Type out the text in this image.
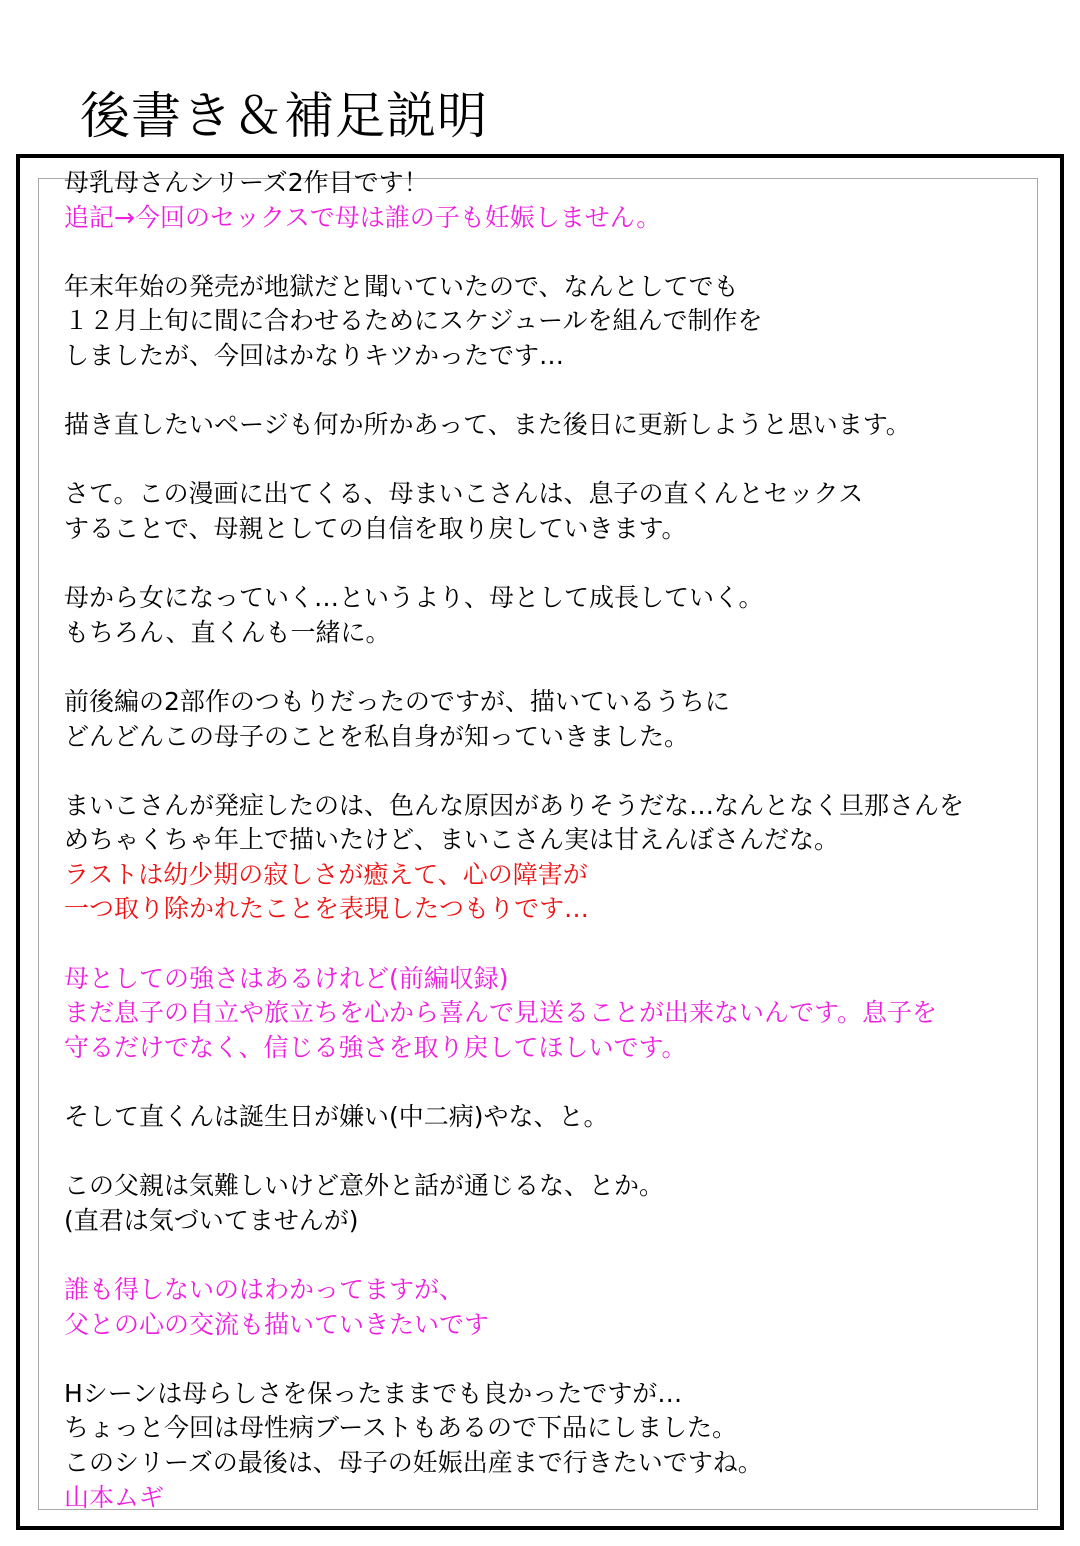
後書き＆補足説明
母乳母さんシリーズ2作目です！
追記→今回のセックスで母は誰の子も妊娠しません。

年末年始の発売が地獄だと聞いていたので、なんとしてでも
１２月上旬に間に合わせるためにスケジュールを組んで制作を
しましたが、今回はかなりキツかったです…

描き直したいページも何か所かあって、また後日に更新しようと思います。

さて。この漫画に出てくる、母まいこさんは、息子の直くんとセックス
することで、母親としての自信を取り戻していきます。

母から女になっていく…というより、母として成長していく。
もちろん、直くんも一緒に。

前後編の2部作のつもりだったのですが、描いているうちに
どんどんこの母子のことを私自身が知っていきました。

まいこさんが発症したのは、色んな原因がありそうだな…なんとなく旦那さんを
めちゃくちゃ年上で描いたけど、まいこさん実は甘えんぼさんだな。
ラストは幼少期の寂しさが癒えて、心の障害が
一つ取り除かれたことを表現したつもりです…

母としての強さはあるけれど(前編収録)
まだ息子の自立や旅立ちを心から喜んで見送ることが出来ないんです。息子を
守るだけでなく、信じる強さを取り戻してほしいです。

そして直くんは誕生日が嫌い(中二病)やな、と。

この父親は気難しいけど意外と話が通じるな、とか。
(直君は気づいてませんが)

誰も得しないのはわかってますが、
父との心の交流も描いていきたいです

Hシーンは母らしさを保ったままでも良かったですが…
ちょっと今回は母性病ブーストもあるので下品にしました。
このシリーズの最後は、母子の妊娠出産まで行きたいですね。
山本ムギ
